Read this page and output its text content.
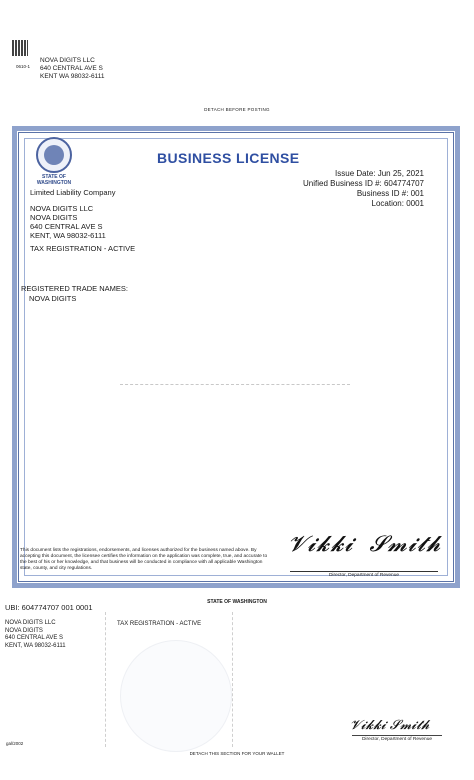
0610-1
NOVA DIGITS LLC
640 CENTRAL AVE S
KENT WA 98032-6111
DETACH BEFORE POSTING
STATE OF WASHINGTON
BUSINESS LICENSE
Issue Date: Jun 25, 2021
Unified Business ID #: 604774707
Business ID #: 001
Location: 0001
Limited Liability Company
NOVA DIGITS LLC
NOVA DIGITS
640 CENTRAL AVE S
KENT, WA 98032-6111
TAX REGISTRATION - ACTIVE
REGISTERED TRADE NAMES:
NOVA DIGITS
This document lists the registrations, endorsements, and licenses authorized for the business named above. By accepting this document, the licensee certifies the information on the application was complete, true, and accurate to the best of his or her knowledge, and that business will be conducted in compliance with all applicable Washington state, county, and city regulations.
𝓥𝓲𝓴𝓴𝓲  𝓢𝓶𝓲𝓽𝓱
Director, Department of Revenue
STATE OF WASHINGTON
UBI: 604774707 001 0001
NOVA DIGITS LLC
NOVA DIGITS
640 CENTRAL AVE S
KENT, WA 98032-6111
TAX REGISTRATION - ACTIVE
𝓥𝓲𝓴𝓴𝓲 𝓢𝓶𝓲𝓽𝓱
Director, Department of Revenue
gal/2002
DETACH THIS SECTION FOR YOUR WALLET
